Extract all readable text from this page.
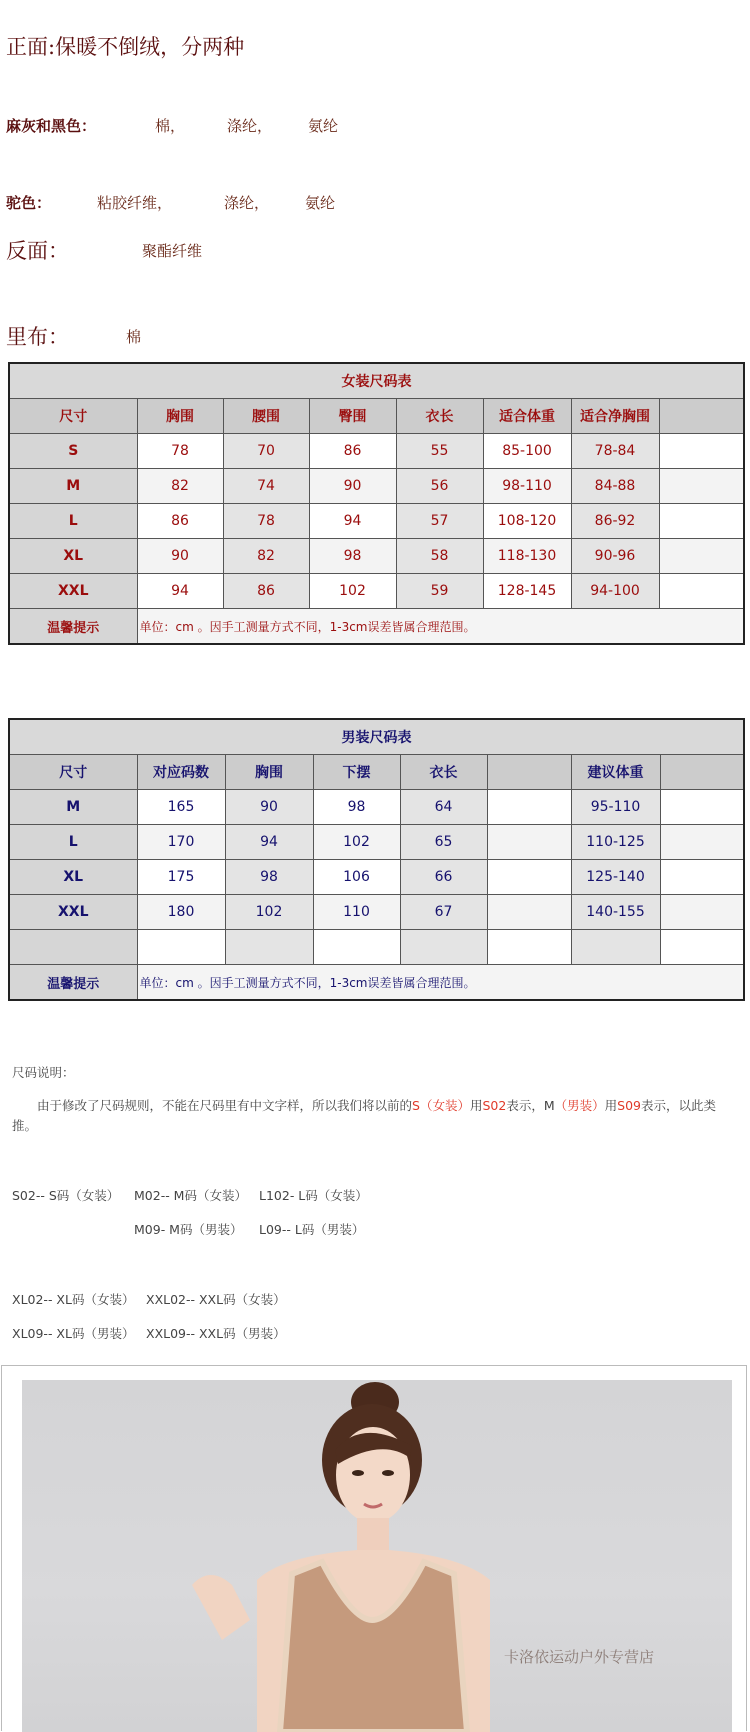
正面:保暖不倒绒，分两种
麻灰和黑色：	棉，	涤纶， 氨纶
驼色：	粘胶纤维，	涤纶， 氨纶
反面：	聚酯纤维
里布：	棉
女装尺码表							
尺寸	胸围	腰围	臀围	衣长	适合体重	适合净胸围	
S	78	70	86	55	85-100	78-84	
M	82	74	90	56	98-110	84-88	
L	86	78	94	57	108-120	86-92	
XL	90	82	98	58	118-130	90-96	
XXL	94	86	102	59	128-145	94-100	
温馨提示	单位：cm 。因手工测量方式不同，1-3cm误差皆属合理范围。						
男装尺码表							
尺寸	对应码数	胸围	下摆	衣长		建议体重	
M	165	90	98	64		95-110	
L	170	94	102	65		110-125	
XL	175	98	106	66		125-140	
XXL	180	102	110	67		140-155	

温馨提示	单位：cm 。因手工测量方式不同，1-3cm误差皆属合理范围。						
尺码说明：
由于修改了尺码规则，不能在尺码里有中文字样，所以我们将以前的S（女装）用S02表示，M（男装）用S09表示，以此类
推。
S02-- S码（女装） M02-- M码（女装） L102- L码（女装）
M09- M码（男装） L09-- L码（男装）
XL02-- XL码（女装） XXL02-- XXL码（女装）
XL09-- XL码（男装） XXL09-- XXL码（男装）
卡洛依运动户外专营店
